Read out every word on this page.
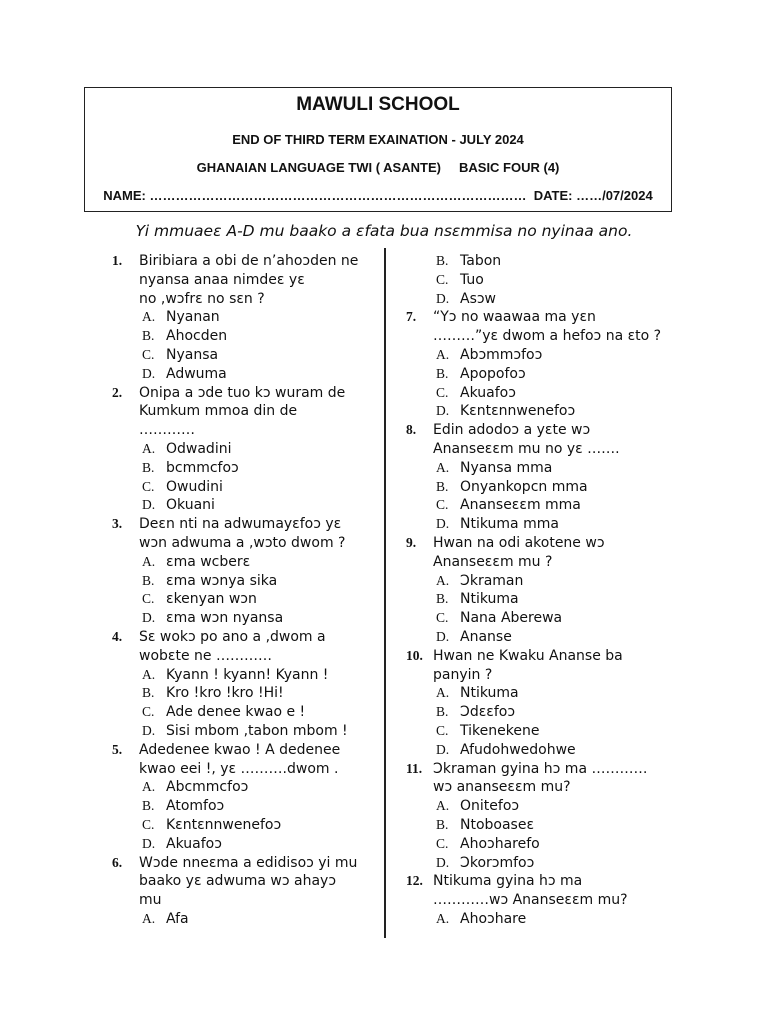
MAWULI SCHOOL
END OF THIRD TERM EXAINATION - JULY 2024
GHANAIAN LANGUAGE TWI ( ASANTE)     BASIC FOUR (4)
NAME: ……………………………………………………………………………  DATE: ……/07/2024
Yi mmuaeɛ A-D mu baako a ɛfata bua nsɛmmisa no nyinaa ano.
1. Biribiara a obi de n’ahoɔden ne
nyansa anaa nimdeɛ yɛ
no ,wɔfrɛ no sɛn ?
A. Nyanan
B. Ahocden
C. Nyansa
D. Adwuma
2. Onipa a ɔde tuo kɔ wuram de
Kumkum mmoa din de
…………
A. Odwadini
B. bcmmcfoɔ
C. Owudini
D. Okuani
3. Deɛn nti na adwumayɛfoɔ yɛ
wɔn adwuma a ,wɔto dwom ?
A. ɛma wcberɛ
B. ɛma wɔnya sika
C. ɛkenyan wɔn
D. ɛma wɔn nyansa
4. Sɛ wokɔ po ano a ,dwom a
wobɛte ne …………
A. Kyann ! kyann! Kyann !
B. Kro !kro !kro !Hi!
C. Ade denee kwao e !
D. Sisi mbom ,tabon mbom !
5. Adedenee kwao ! A dedenee
kwao eei !, yɛ ……….dwom .
A. Abcmmcfoɔ
B. Atomfoɔ
C. Kɛntɛnnwenefoɔ
D. Akuafoɔ
6. Wɔde nneɛma a edidisoɔ yi mu
baako yɛ adwuma wɔ ahayɔ
mu
A. Afa
B. Tabon
C. Tuo
D. Asɔw
7. “Yɔ no waawaa ma yɛn
………”yɛ dwom a hefoɔ na ɛto ?
A. Abɔmmɔfoɔ
B. Apopofoɔ
C. Akuafoɔ
D. Kɛntɛnnwenefoɔ
8. Edin adodoɔ a yɛte wɔ
Ananseɛɛm mu no yɛ …….
A. Nyansa mma
B. Onyankopcn mma
C. Ananseɛɛm mma
D. Ntikuma mma
9. Hwan na odi akotene wɔ
Ananseɛɛm mu ?
A. Ɔkraman
B. Ntikuma
C. Nana Aberewa
D. Ananse
10. Hwan ne Kwaku Ananse ba
panyin ?
A. Ntikuma
B. Ɔdɛɛfoɔ
C. Tikenekene
D. Afudohwedohwe
11. Ɔkraman gyina hɔ ma …………
wɔ ananseɛɛm mu?
A. Onitefoɔ
B. Ntoboaseɛ
C. Ahoɔharefo
D. Ɔkorɔmfoɔ
12. Ntikuma gyina hɔ ma
…………wɔ Ananseɛɛm mu?
A. Ahoɔhare
